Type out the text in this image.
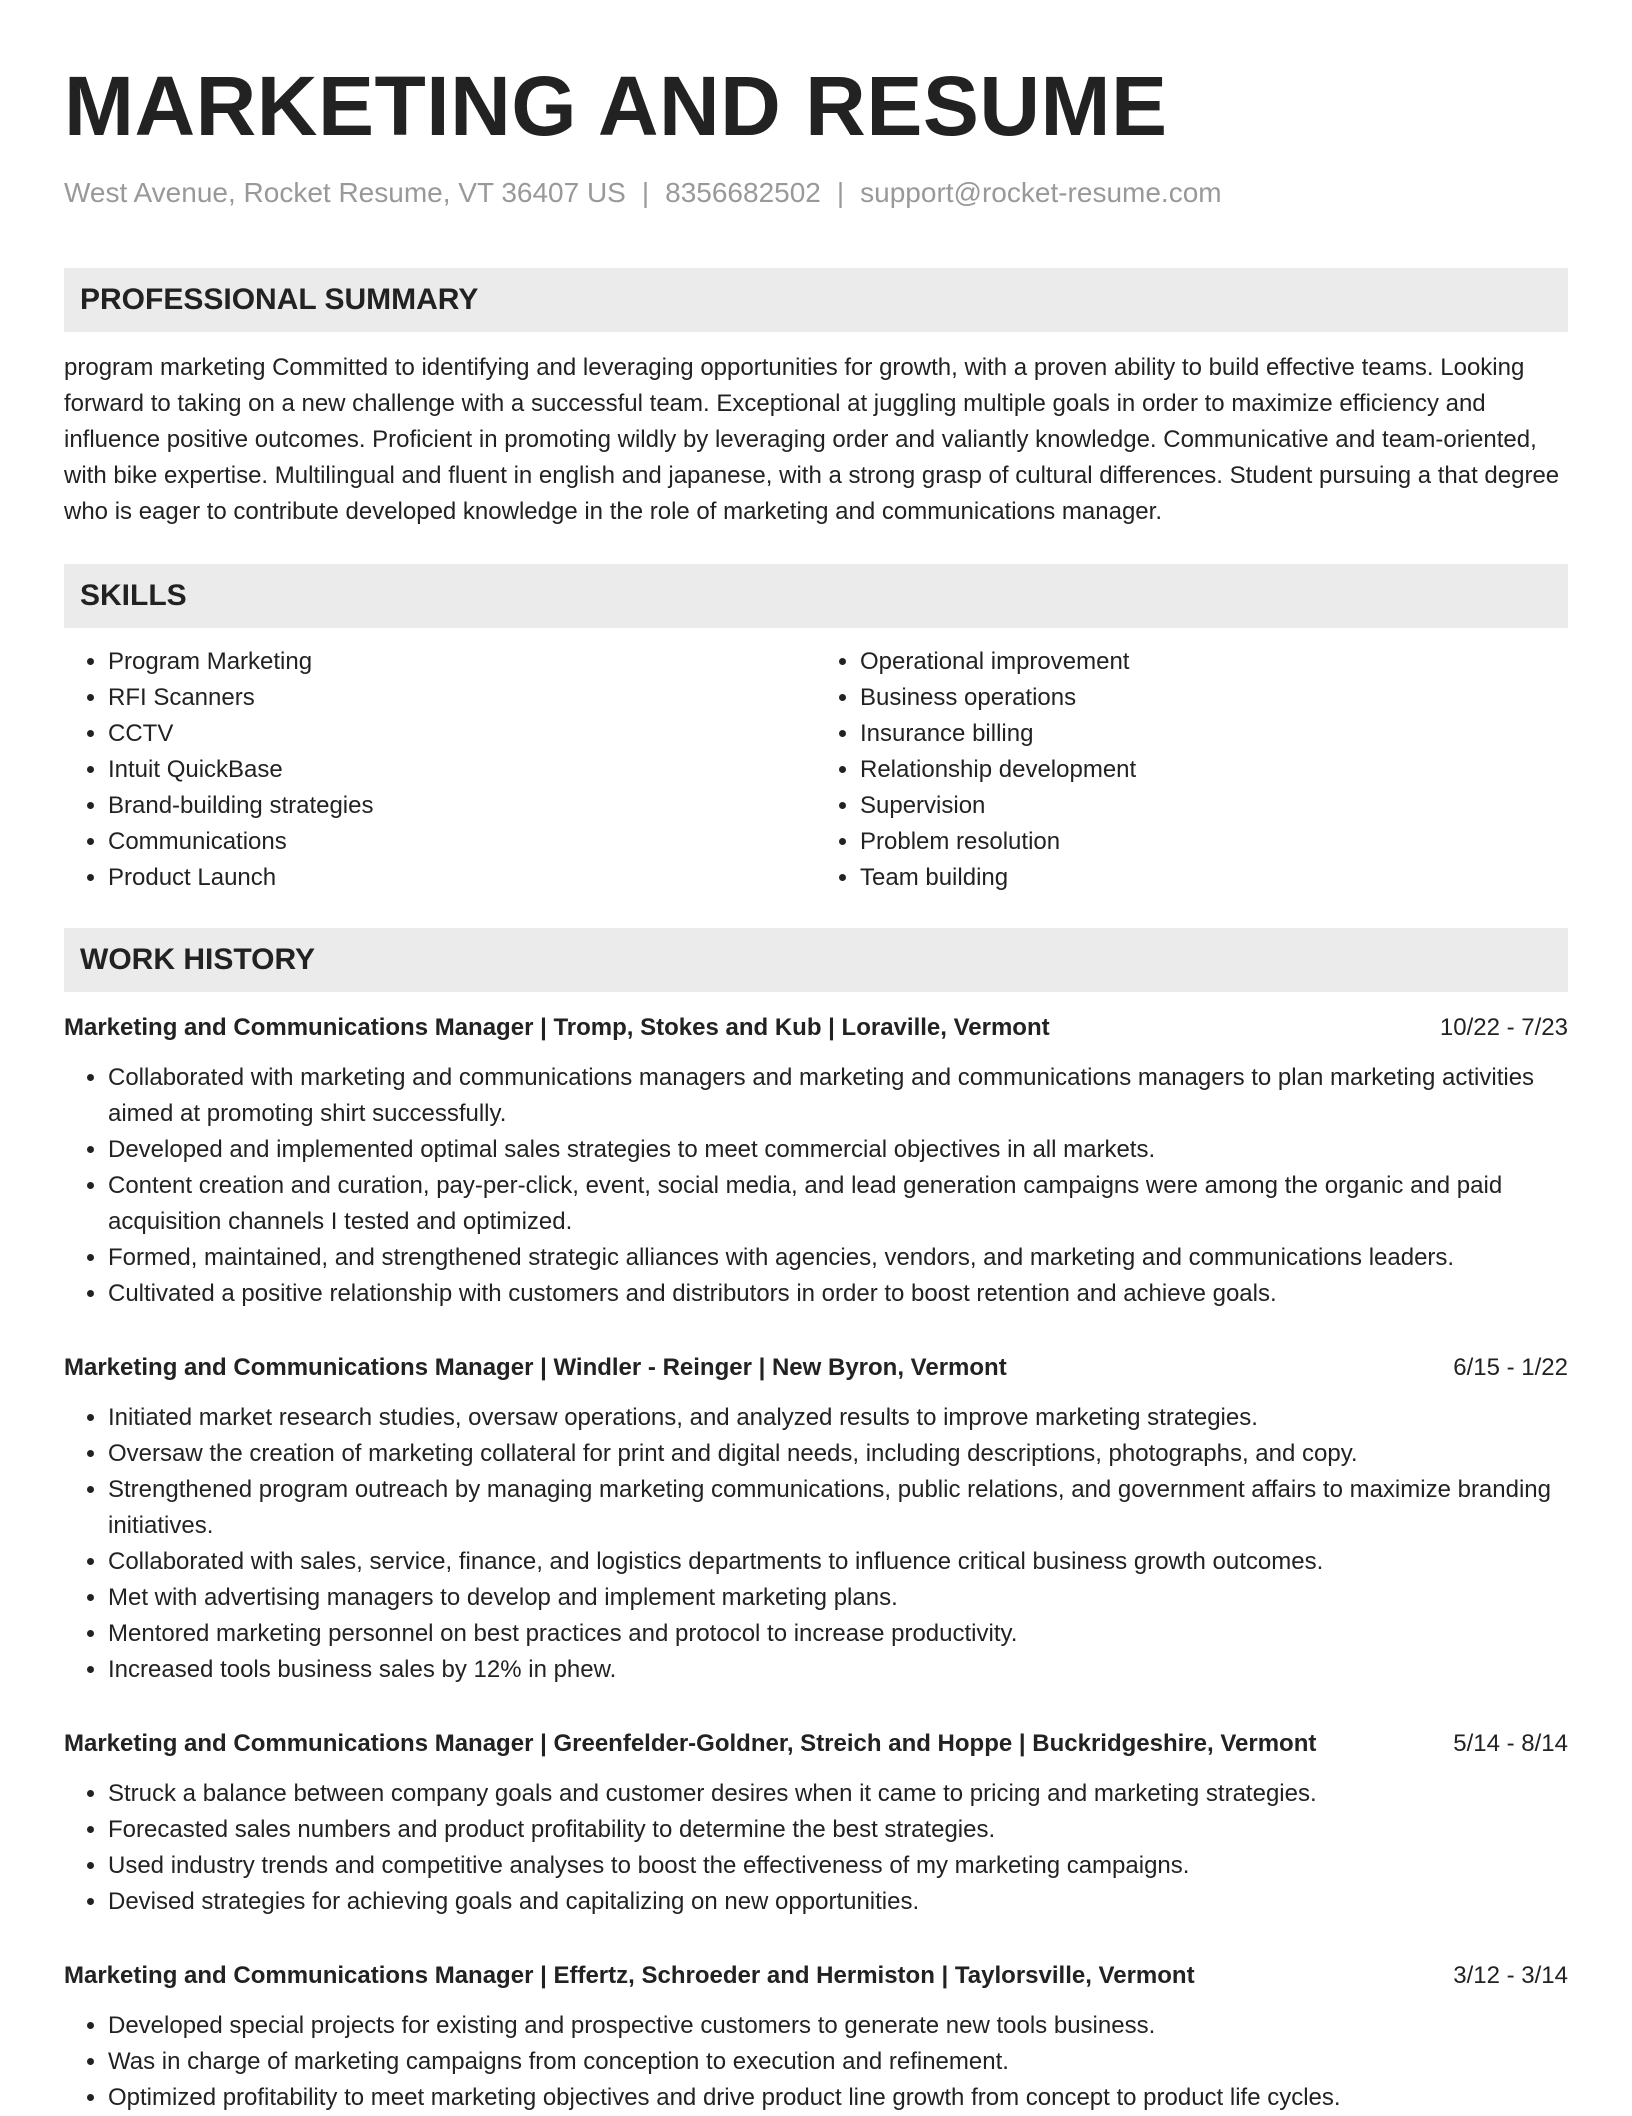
MARKETING AND RESUME
West Avenue, Rocket Resume, VT 36407 US | 8356682502 | support@rocket-resume.com
PROFESSIONAL SUMMARY

program marketing Committed to identifying and leveraging opportunities for growth, with a proven ability to build effective teams. Looking forward to taking on a new challenge with a successful team. Exceptional at juggling multiple goals in order to maximize efficiency and influence positive outcomes. Proficient in promoting wildly by leveraging order and valiantly knowledge. Communicative and team-oriented, with bike expertise. Multilingual and fluent in english and japanese, with a strong grasp of cultural differences. Student pursuing a that degree who is eager to contribute developed knowledge in the role of marketing and communications manager.

SKILLS
• Program Marketing
• RFI Scanners
• CCTV
• Intuit QuickBase
• Brand-building strategies
• Communications
• Product Launch
• Operational improvement
• Business operations
• Insurance billing
• Relationship development
• Supervision
• Problem resolution
• Team building
WORK HISTORY
Marketing and Communications Manager | Tromp, Stokes and Kub | Loraville, Vermont	10/22 - 7/23
• Collaborated with marketing and communications managers and marketing and communications managers to plan marketing activities aimed at promoting shirt successfully.
• Developed and implemented optimal sales strategies to meet commercial objectives in all markets.
• Content creation and curation, pay-per-click, event, social media, and lead generation campaigns were among the organic and paid acquisition channels I tested and optimized.
• Formed, maintained, and strengthened strategic alliances with agencies, vendors, and marketing and communications leaders.
• Cultivated a positive relationship with customers and distributors in order to boost retention and achieve goals.
Marketing and Communications Manager | Windler - Reinger | New Byron, Vermont	6/15 - 1/22
• Initiated market research studies, oversaw operations, and analyzed results to improve marketing strategies.
• Oversaw the creation of marketing collateral for print and digital needs, including descriptions, photographs, and copy.
• Strengthened program outreach by managing marketing communications, public relations, and government affairs to maximize branding initiatives.
• Collaborated with sales, service, finance, and logistics departments to influence critical business growth outcomes.
• Met with advertising managers to develop and implement marketing plans.
• Mentored marketing personnel on best practices and protocol to increase productivity.
• Increased tools business sales by 12% in phew.
Marketing and Communications Manager | Greenfelder-Goldner, Streich and Hoppe | Buckridgeshire, Vermont	5/14 - 8/14
• Struck a balance between company goals and customer desires when it came to pricing and marketing strategies.
• Forecasted sales numbers and product profitability to determine the best strategies.
• Used industry trends and competitive analyses to boost the effectiveness of my marketing campaigns.
• Devised strategies for achieving goals and capitalizing on new opportunities.
Marketing and Communications Manager | Effertz, Schroeder and Hermiston | Taylorsville, Vermont	3/12 - 3/14
• Developed special projects for existing and prospective customers to generate new tools business.
• Was in charge of marketing campaigns from conception to execution and refinement.
• Optimized profitability to meet marketing objectives and drive product line growth from concept to product life cycles.
